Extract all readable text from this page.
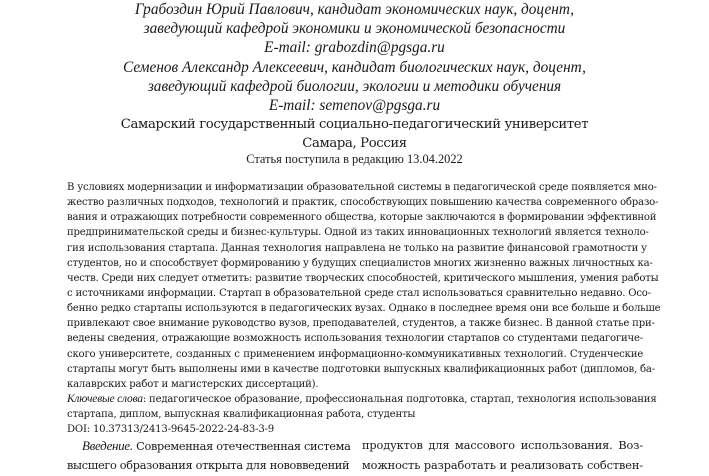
Грабоздин Юрий Павлович, кандидат экономических наук, доцент,
заведующий кафедрой экономики и экономической безопасности
E-mail: grabozdin@pgsga.ru
Семенов Александр Алексеевич, кандидат биологических наук, доцент,
заведующий кафедрой биологии, экологии и методики обучения
E-mail: semenov@pgsga.ru
Самарский государственный социально-педагогический университет
Самара, Россия
Статья поступила в редакцию 13.04.2022
В условиях модернизации и информатизации образовательной системы в педагогической среде появляется мно-
жество различных подходов, технологий и практик, способствующих повышению качества современного образо-
вания и отражающих потребности современного общества, которые заключаются в формировании эффективной
предпринимательской среды и бизнес-культуры. Одной из таких инновационных технологий является техноло-
гия использования стартапа. Данная технология направлена не только на развитие финансовой грамотности у
студентов, но и способствует формированию у будущих специалистов многих жизненно важных личностных ка-
честв. Среди них следует отметить: развитие творческих способностей, критического мышления, умения работы
с источниками информации. Стартап в образовательной среде стал использоваться сравнительно недавно. Осо-
бенно редко стартапы используются в педагогических вузах. Однако в последнее время они все больше и больше
привлекают свое внимание руководство вузов, преподавателей, студентов, а также бизнес. В данной статье при-
ведены сведения, отражающие возможность использования технологии стартапов со студентами педагогиче-
ского университете, созданных с применением информационно-коммуникативных технологий. Студенческие
стартапы могут быть выполнены ими в качестве подготовки выпускных квалификационных работ (дипломов, ба-
калаврских работ и магистерских диссертаций).
Ключевые слова: педагогическое образование, профессиональная подготовка, стартап, технология использования
стартапа, диплом, выпускная квалификационная работа, студенты
DOI: 10.37313/2413-9645-2022-24-83-3-9
Введение. Современная отечественная система
высшего образования открыта для нововведений
продуктов для массового использования. Воз-
можность разработать и реализовать собствен-
